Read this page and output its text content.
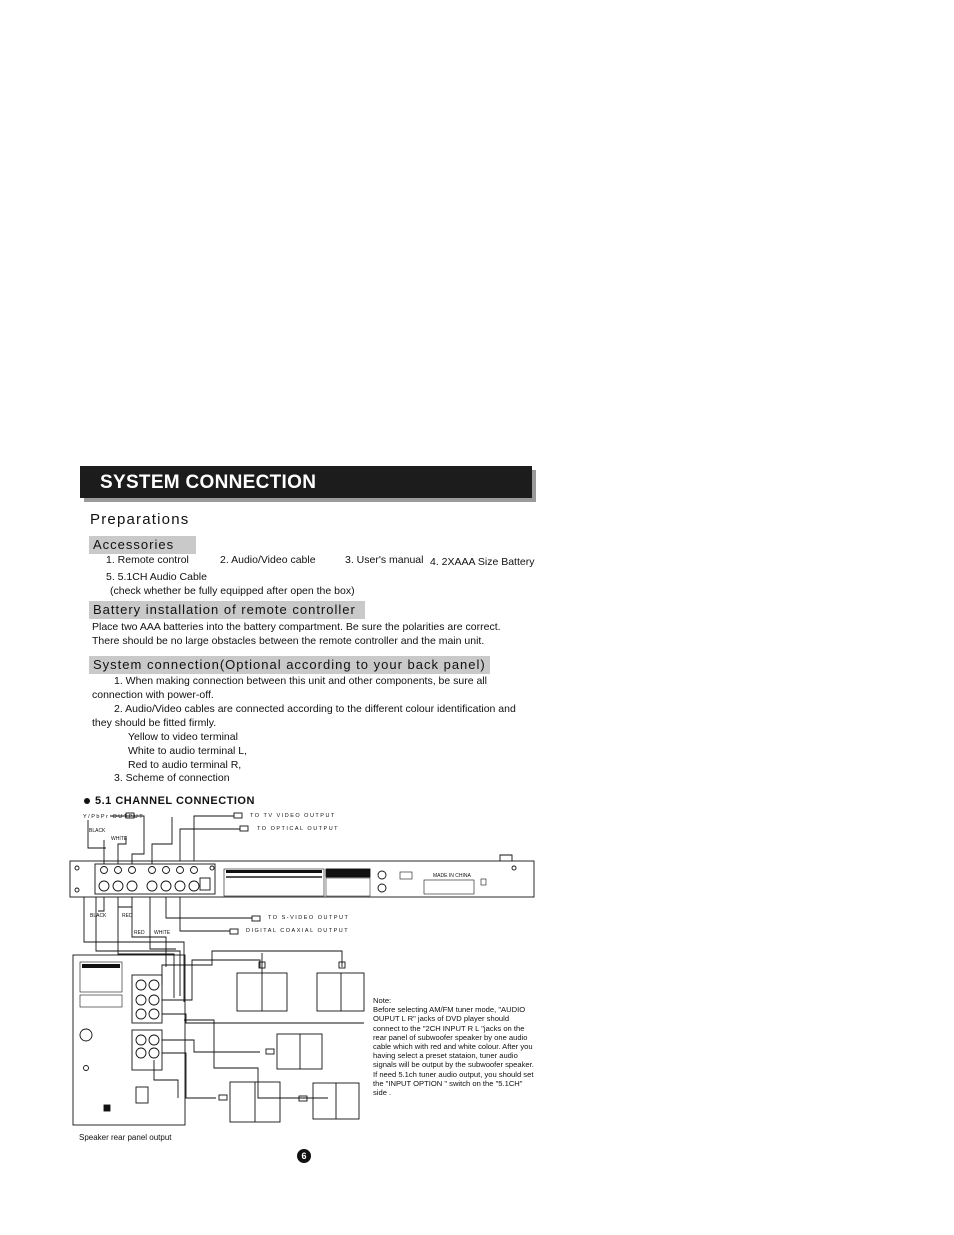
SYSTEM CONNECTION
Preparations
Accessories
1. Remote control	2. Audio/Video cable	3. User's manual 4. 2XAAA Size Battery
5. 5.1CH Audio Cable
(check whether be fully equipped after open the box)
Battery installation of remote controller
Place two AAA batteries into the battery compartment. Be sure the polarities are correct.
There should be no large obstacles between the remote controller and the main unit.
System connection(Optional according to your back panel)
1. When making connection between this unit and other components, be sure all
connection with power-off.
2. Audio/Video cables are connected according to the different colour identification and
they should be fitted firmly.
Yellow to video terminal
White to audio terminal L,
Red to audio terminal R,
3. Scheme of connection
5.1 CHANNEL CONNECTION
Y/PbPr OUTPUT
BLACK
WHITE
TO TV VIDEO OUTPUT
TO OPTICAL OUTPUT
TO S-VIDEO OUTPUT
DIGITAL COAXIAL OUTPUT
BLACK	RED
RED WHITE
MADE IN CHINA
Note:
Before selecting AM/FM tuner mode, "AUDIO OUPUT L R" jacks of DVD player should connect to the "2CH INPUT R L "jacks on the rear panel of subwoofer speaker by one audio cable which with red and white colour. After you having select a preset stataion, tuner audio signals will be output by the subwoofer speaker. If need 5.1ch tuner audio output, you should set the "INPUT OPTION " switch on the "5.1CH" side .
Speaker rear panel output
6
